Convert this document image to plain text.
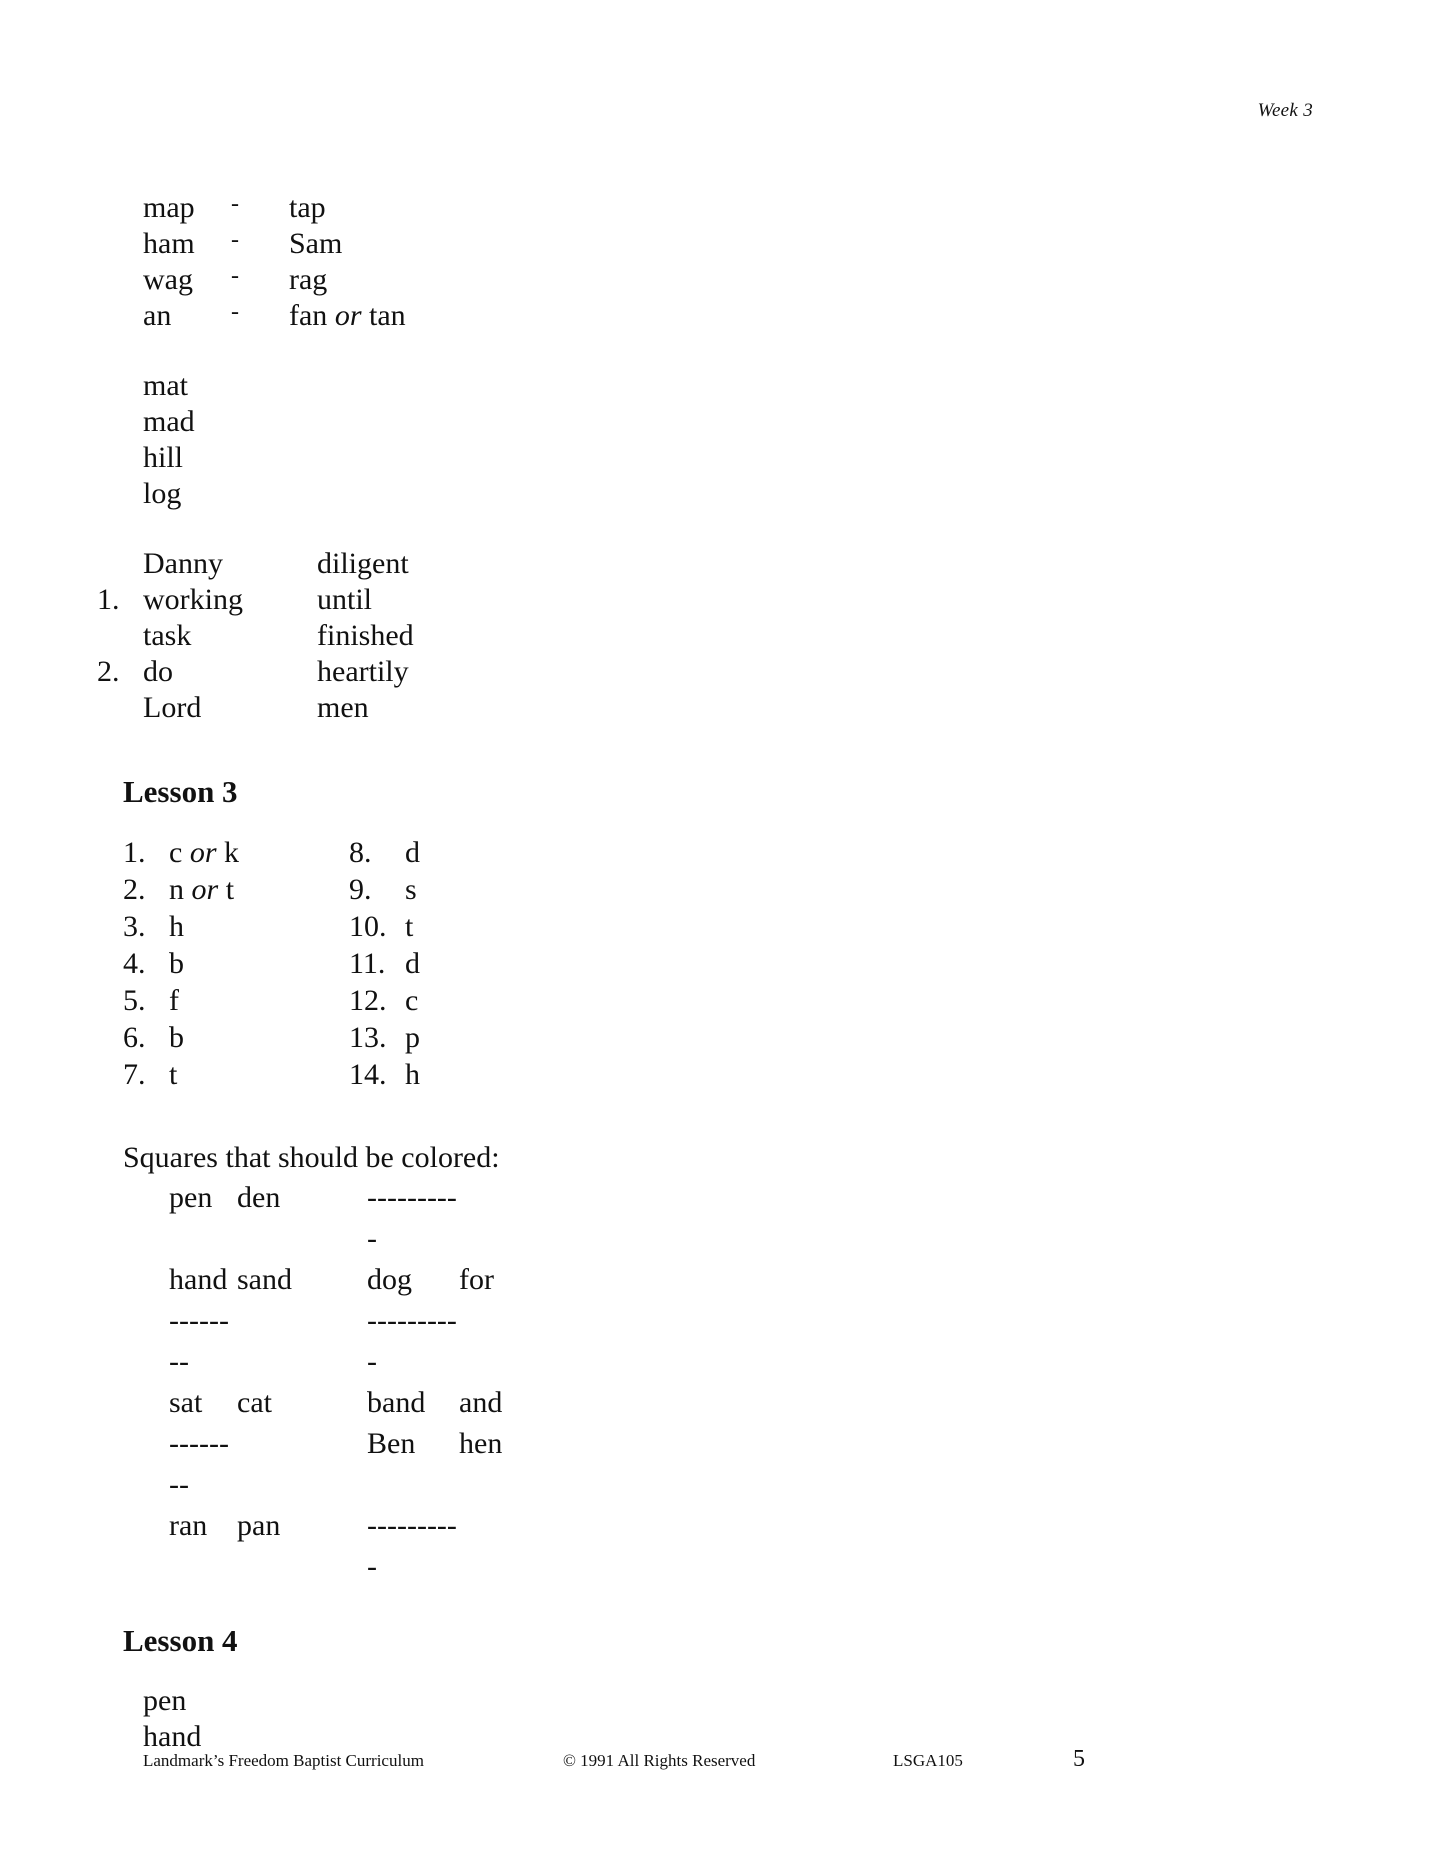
Week 3
map	-	tap
ham	-	Sam
wag	-	rag
an	-	fan or tan
mat
mad
hill
log
Danny	diligent
1. working	until
task	finished
2. do	heartily
Lord	men
Lesson 3
1. c or k	8.	d
2. n or t	9.	s
3. h	10. t
4. b	11. d
5. f	12. c
6. b	13. p
7. t	14. h
Squares that should be colored:
pen den	----------
hand sand	dog	for
--------
----------
sat	cat	band	and
--------
Ben	hen
ran pan	----------
Lesson 4
pen
hand
Landmark’s Freedom Baptist Curriculum	© 1991 All Rights Reserved	LSGA105	5
